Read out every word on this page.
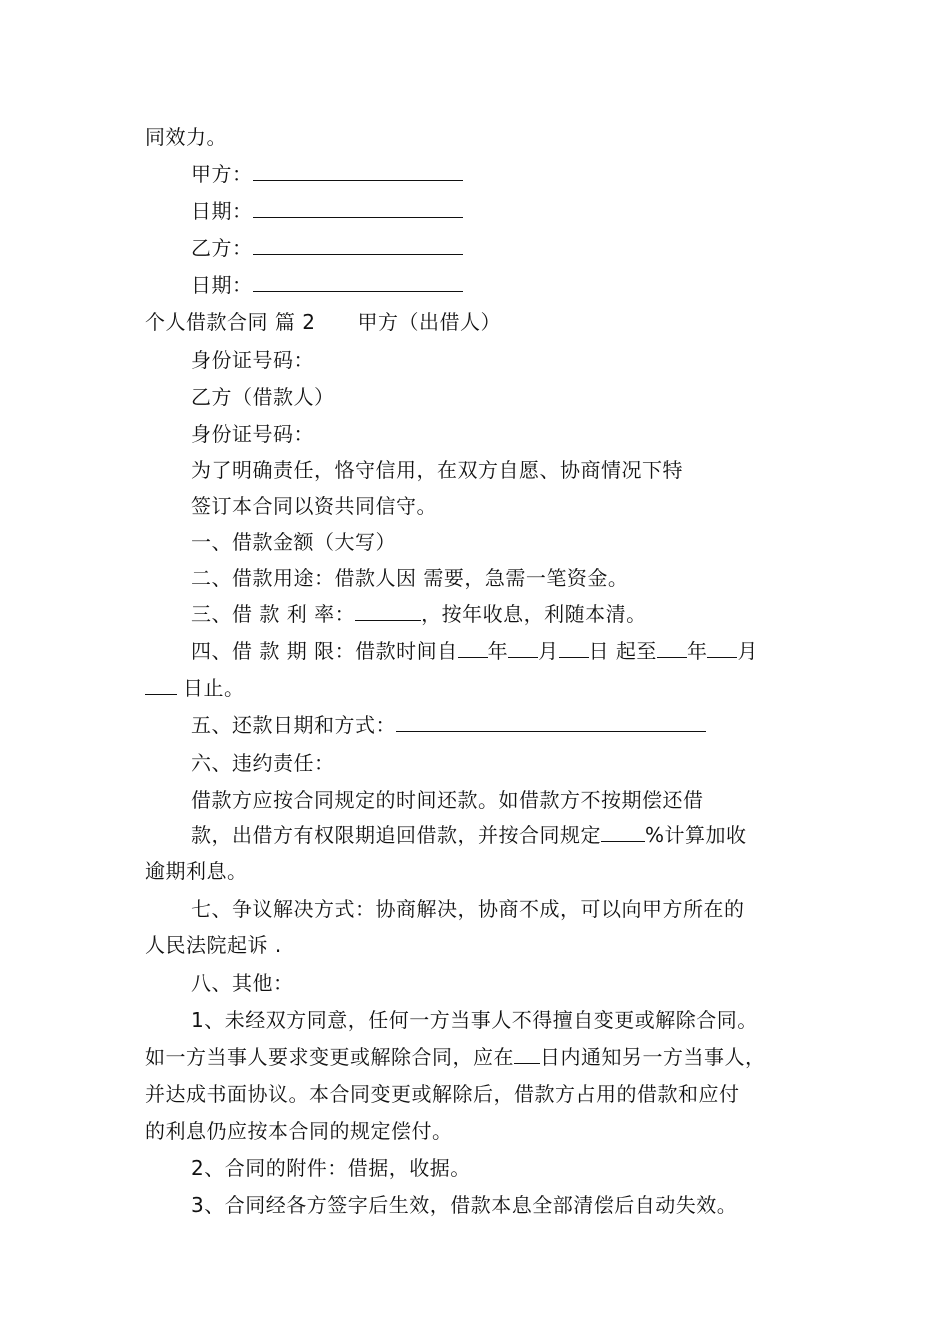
同效力。
甲方：
日期：
乙方：
日期：
个人借款合同 篇 2 甲方（出借人）
身份证号码：
乙方（借款人）
身份证号码：
为了明确责任，恪守信用，在双方自愿、协商情况下特
签订本合同以资共同信守。
一、借款金额（大写）
二、借款用途：借款人因 需要，急需一笔资金。
三、借 款 利 率：	，按年收息，利随本清。
四、借 款 期 限：借款时间自 年 月 日 起至 年 月
日止。
五、还款日期和方式：
六、违约责任：
借款方应按合同规定的时间还款。如借款方不按期偿还借
款，出借方有权限期追回借款，并按合同规定 %计算加收
逾期利息。
七、争议解决方式：协商解决，协商不成，可以向甲方所在的
人民法院起诉 .
八、其他：
1、未经双方同意，任何一方当事人不得擅自变更或解除合同。
如一方当事人要求变更或解除合同，应在 日内通知另一方当事人，
并达成书面协议。本合同变更或解除后，借款方占用的借款和应付
的利息仍应按本合同的规定偿付。
2、合同的附件：借据，收据。
3、合同经各方签字后生效，借款本息全部清偿后自动失效。
